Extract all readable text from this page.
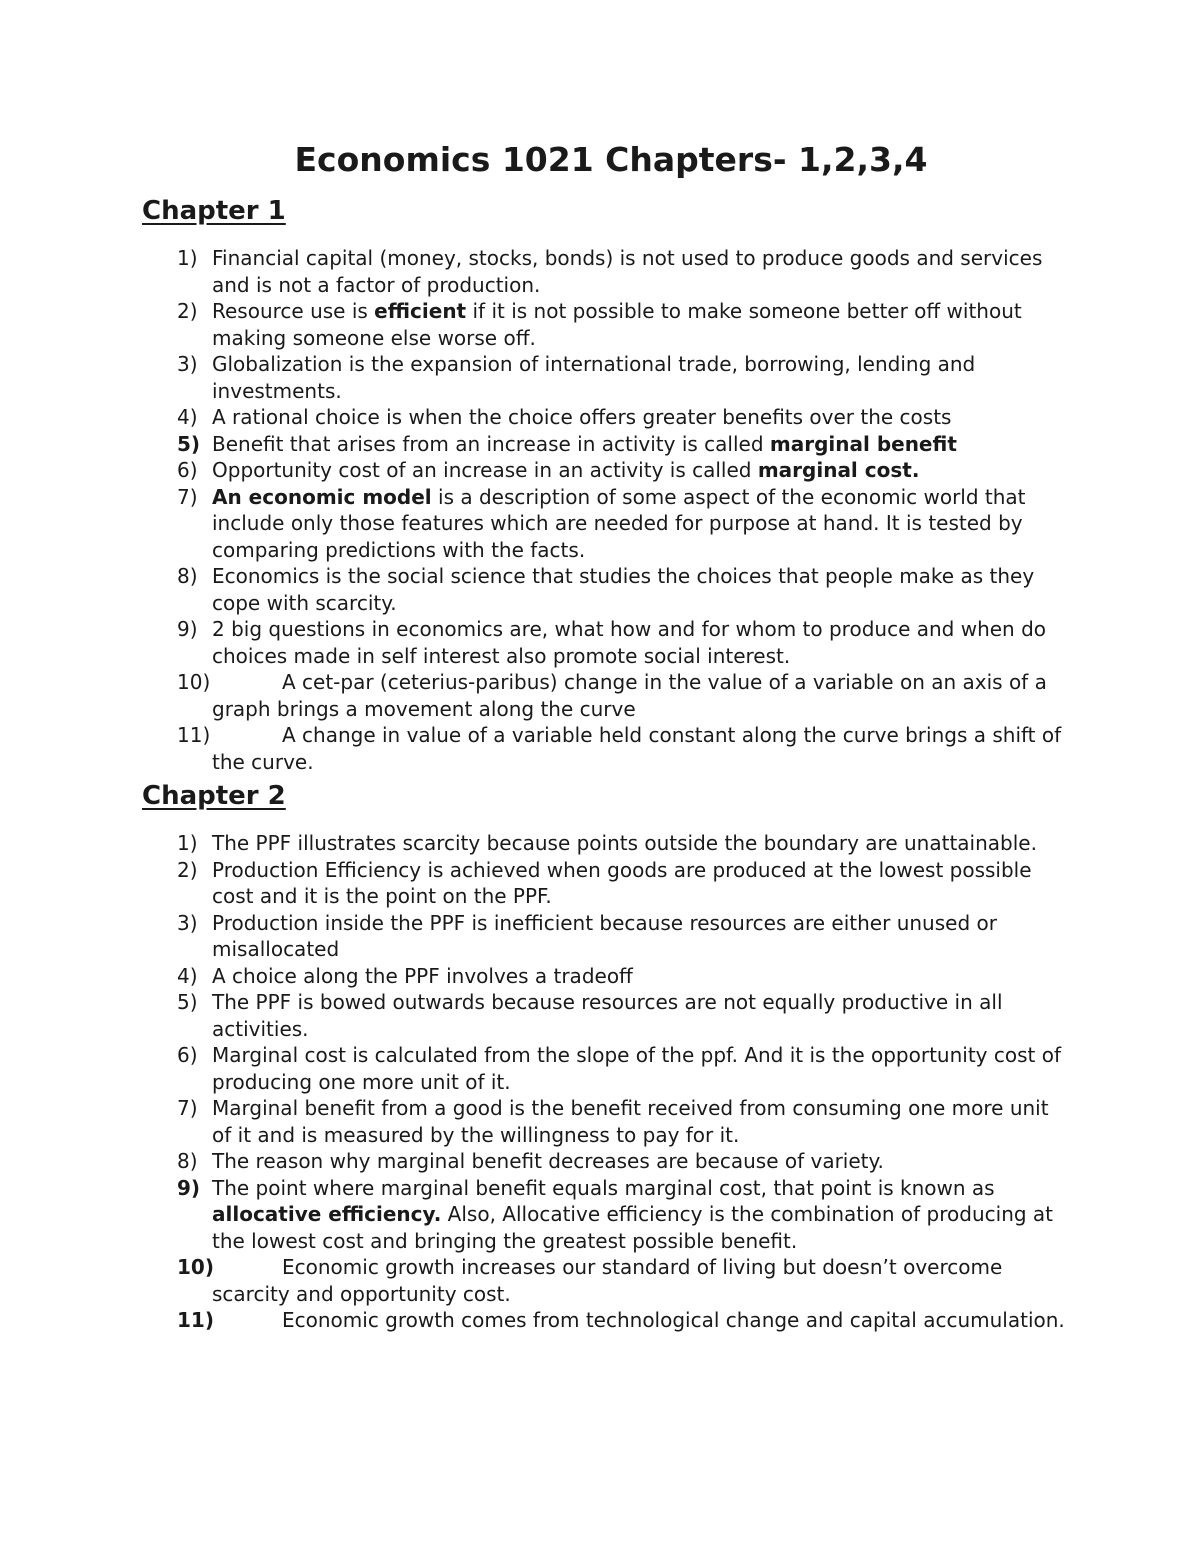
Economics 1021 Chapters- 1,2,3,4
Chapter 1
1) Financial capital (money, stocks, bonds) is not used to produce goods and services and is not a factor of production.
2) Resource use is efficient if it is not possible to make someone better off without making someone else worse off.
3) Globalization is the expansion of international trade, borrowing, lending and investments.
4) A rational choice is when the choice offers greater benefits over the costs
5) Benefit that arises from an increase in activity is called marginal benefit
6) Opportunity cost of an increase in an activity is called marginal cost.
7) An economic model is a description of some aspect of the economic world that include only those features which are needed for purpose at hand. It is tested by comparing predictions with the facts.
8) Economics is the social science that studies the choices that people make as they cope with scarcity.
9) 2 big questions in economics are, what how and for whom to produce and when do choices made in self interest also promote social interest.
10)	A cet-par (ceterius-paribus) change in the value of a variable on an axis of a graph brings a movement along the curve
11)	A change in value of a variable held constant along the curve brings a shift of the curve.
Chapter 2
1) The PPF illustrates scarcity because points outside the boundary are unattainable.
2) Production Efficiency is achieved when goods are produced at the lowest possible cost and it is the point on the PPF.
3) Production inside the PPF is inefficient because resources are either unused or misallocated
4) A choice along the PPF involves a tradeoff
5) The PPF is bowed outwards because resources are not equally productive in all activities.
6) Marginal cost is calculated from the slope of the ppf. And it is the opportunity cost of producing one more unit of it.
7) Marginal benefit from a good is the benefit received from consuming one more unit of it and is measured by the willingness to pay for it.
8) The reason why marginal benefit decreases are because of variety.
9) The point where marginal benefit equals marginal cost, that point is known as allocative efficiency. Also, Allocative efficiency is the combination of producing at the lowest cost and bringing the greatest possible benefit.
10)	Economic growth increases our standard of living but doesn’t overcome scarcity and opportunity cost.
11)	Economic growth comes from technological change and capital accumulation.
